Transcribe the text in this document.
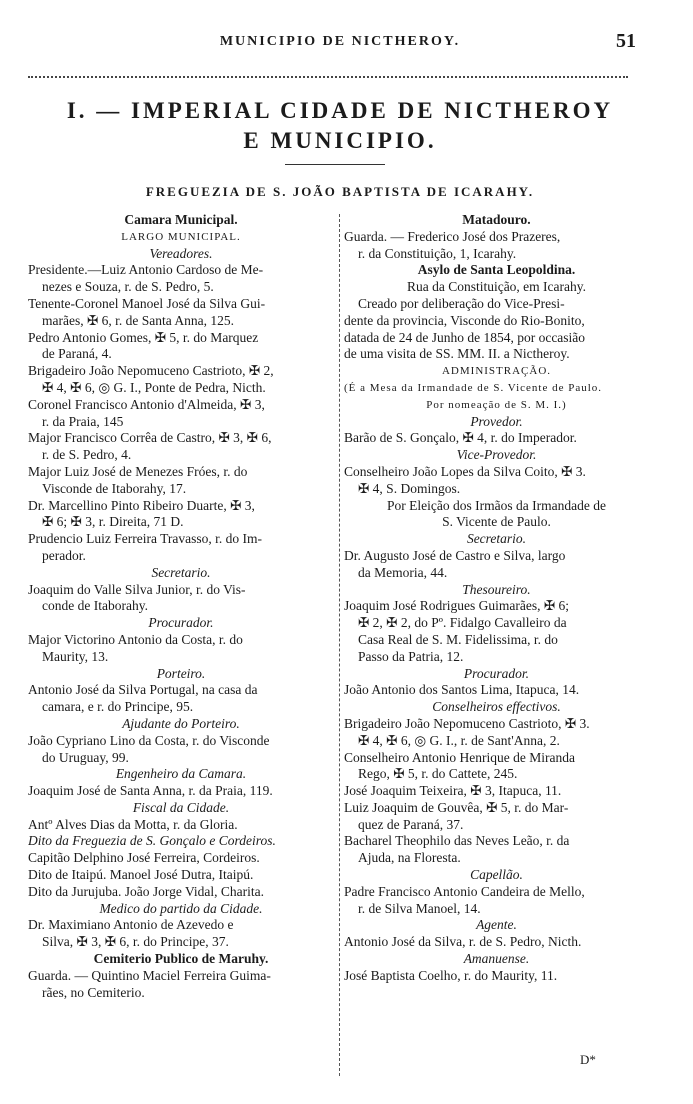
MUNICIPIO DE NICTHEROY.	51
I. — IMPERIAL CIDADE DE NICTHEROY
E MUNICIPIO.
FREGUEZIA DE S. JOÃO BAPTISTA DE ICARAHY.
Camara Municipal.
LARGO MUNICIPAL.
Vereadores.
Presidente.—Luiz Antonio Cardoso de Me-
nezes e Souza, r. de S. Pedro, 5.
Tenente-Coronel Manoel José da Silva Gui-
marães, ✠ 6, r. de Santa Anna, 125.
Pedro Antonio Gomes, ✠ 5, r. do Marquez
de Paraná, 4.
Brigadeiro João Nepomuceno Castrioto, ✠ 2,
✠ 4, ✠ 6, ◎ G. I., Ponte de Pedra, Nicth.
Coronel Francisco Antonio d'Almeida, ✠ 3,
r. da Praia, 145
Major Francisco Corrêa de Castro, ✠ 3, ✠ 6,
r. de S. Pedro, 4.
Major Luiz José de Menezes Fróes, r. do
Visconde de Itaborahy, 17.
Dr. Marcellino Pinto Ribeiro Duarte, ✠ 3,
✠ 6; ✠ 3, r. Direita, 71 D.
Prudencio Luiz Ferreira Travasso, r. do Im-
perador.
Secretario.
Joaquim do Valle Silva Junior, r. do Vis-
conde de Itaborahy.
Procurador.
Major Victorino Antonio da Costa, r. do
Maurity, 13.
Porteiro.
Antonio José da Silva Portugal, na casa da
camara, e r. do Principe, 95.
Ajudante do Porteiro.
João Cypriano Lino da Costa, r. do Visconde
do Uruguay, 99.
Engenheiro da Camara.
Joaquim José de Santa Anna, r. da Praia, 119.
Fiscal da Cidade.
Antº Alves Dias da Motta, r. da Gloria.
Dito da Freguezia de S. Gonçalo e Cordeiros.
Capitão Delphino José Ferreira, Cordeiros.
Dito de Itaipú. Manoel José Dutra, Itaipú.
Dito da Jurujuba. João Jorge Vidal, Charita.
Medico do partido da Cidade.
Dr. Maximiano Antonio de Azevedo e
Silva, ✠ 3, ✠ 6, r. do Principe, 37.
Cemiterio Publico de Maruhy.
Guarda. — Quintino Maciel Ferreira Guima-
rães, no Cemiterio.
Matadouro.
Guarda. — Frederico José dos Prazeres,
r. da Constituição, 1, Icarahy.
Asylo de Santa Leopoldina.
Rua da Constituição, em Icarahy.
Creado por deliberação do Vice-Presi-
dente da provincia, Visconde do Rio-Bonito,
datada de 24 de Junho de 1854, por occasião
de uma visita de SS. MM. II. a Nictheroy.
ADMINISTRAÇÃO.
(É a Mesa da Irmandade de S. Vicente de Paulo.
Por nomeação de S. M. I.)
Provedor.
Barão de S. Gonçalo, ✠ 4, r. do Imperador.
Vice-Provedor.
Conselheiro João Lopes da Silva Coito, ✠ 3.
✠ 4, S. Domingos.
Por Eleição dos Irmãos da Irmandade de
S. Vicente de Paulo.
Secretario.
Dr. Augusto José de Castro e Silva, largo
da Memoria, 44.
Thesoureiro.
Joaquim José Rodrigues Guimarães, ✠ 6;
✠ 2, ✠ 2, do Pº. Fidalgo Cavalleiro da
Casa Real de S. M. Fidelissima, r. do
Passo da Patria, 12.
Procurador.
João Antonio dos Santos Lima, Itapuca, 14.
Conselheiros effectivos.
Brigadeiro João Nepomuceno Castrioto, ✠ 3.
✠ 4, ✠ 6, ◎ G. I., r. de Sant'Anna, 2.
Conselheiro Antonio Henrique de Miranda
Rego, ✠ 5, r. do Cattete, 245.
José Joaquim Teixeira, ✠ 3, Itapuca, 11.
Luiz Joaquim de Gouvêa, ✠ 5, r. do Mar-
quez de Paraná, 37.
Bacharel Theophilo das Neves Leão, r. da
Ajuda, na Floresta.
Capellão.
Padre Francisco Antonio Candeira de Mello,
r. de Silva Manoel, 14.
Agente.
Antonio José da Silva, r. de S. Pedro, Nicth.
Amanuense.
José Baptista Coelho, r. do Maurity, 11.
D*
